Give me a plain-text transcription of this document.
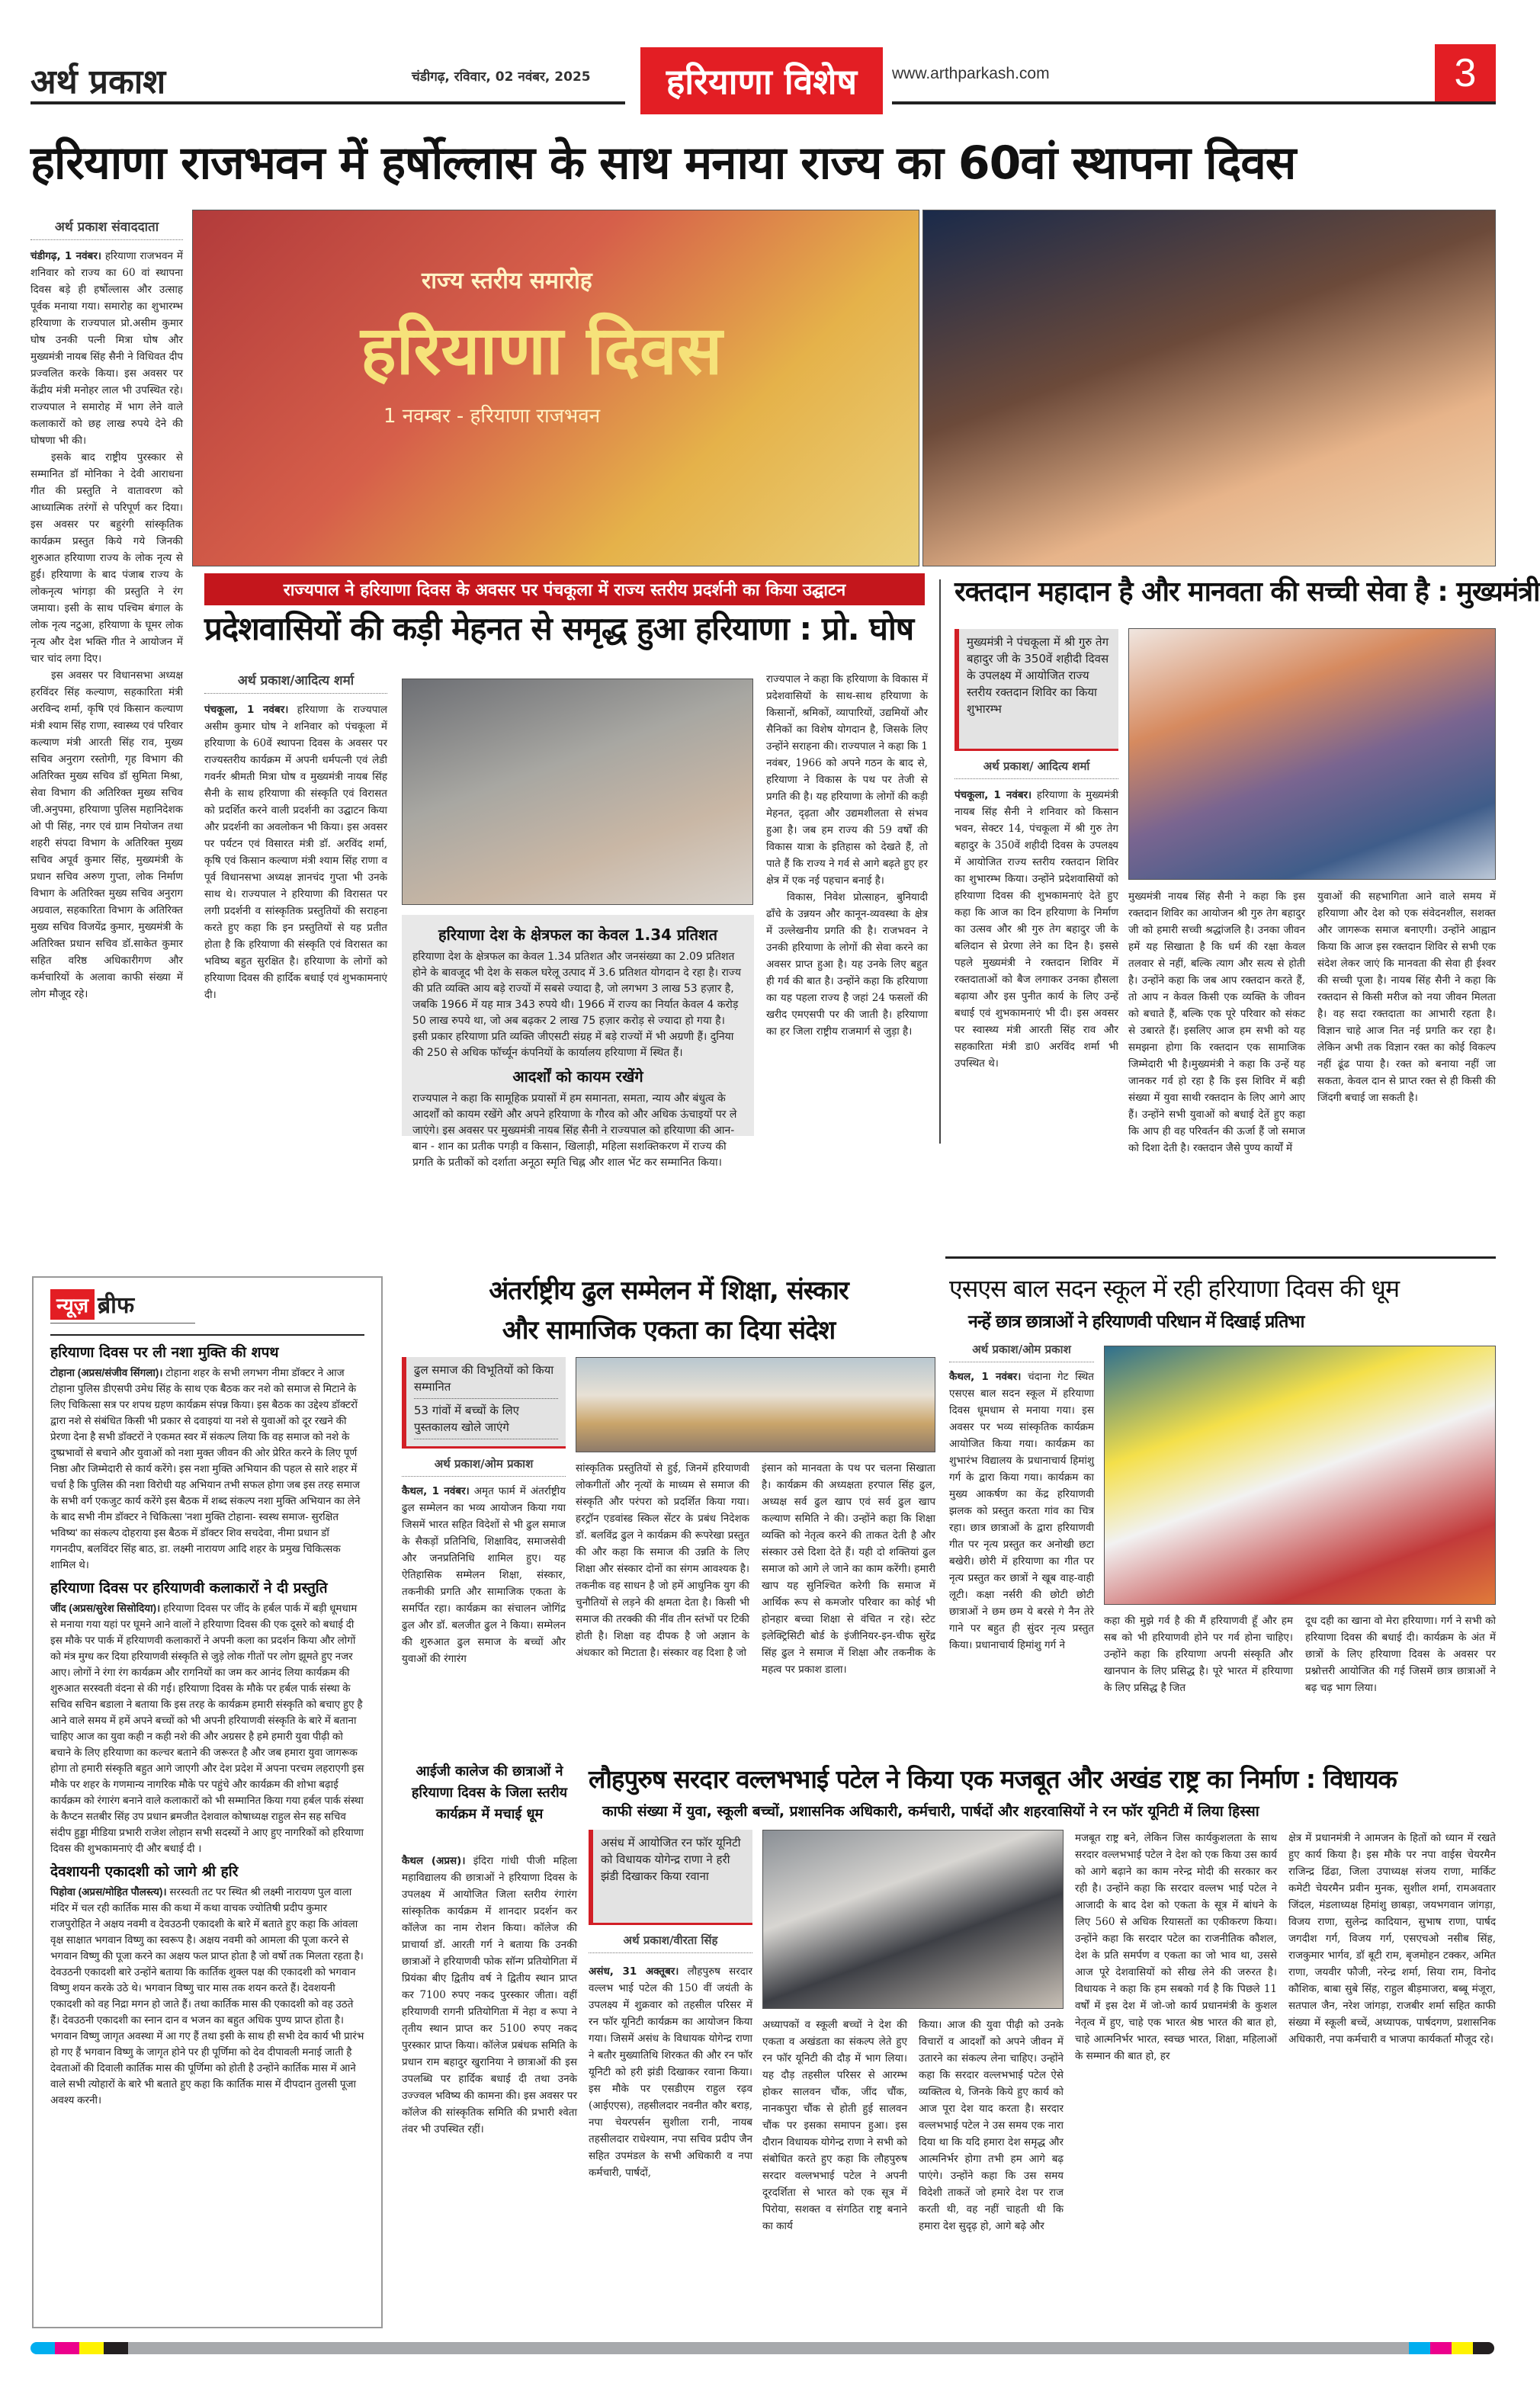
अर्थ प्रकाश	चंडीगढ़, रविवार, 02 नवंबर, 2025	हरियाणा विशेष	www.arthparkash.com	3
हरियाणा राजभवन में हर्षोल्लास के साथ मनाया राज्य का 60वां स्थापना दिवस
अर्थ प्रकाश संवाददाता

चंडीगढ़, 1 नवंबर। हरियाणा राजभवन में शनिवार को राज्य का 60 वां स्थापना दिवस बड़े ही हर्षोल्लास और उत्साह पूर्वक मनाया गया। समारोह का शुभारम्भ हरियाणा के राज्यपाल प्रो.असीम कुमार घोष उनकी पत्नी मित्रा घोष और मुख्यमंत्री नायब सिंह सैनी ने विधिवत दीप प्रज्वलित करके किया। इस अवसर पर केंद्रीय मंत्री मनोहर लाल भी उपस्थित रहे। राज्यपाल ने समारोह में भाग लेने वाले कलाकारों को छह लाख रुपये देने की घोषणा भी की।

इसके बाद राष्ट्रीय पुरस्कार से सम्मानित डॉ मोनिका ने देवी आराधना गीत की प्रस्तुति ने वातावरण को आध्यात्मिक तरंगों से परिपूर्ण कर दिया। इस अवसर पर बहुरंगी सांस्कृतिक कार्यक्रम प्रस्तुत किये गये जिनकी शुरुआत हरियाणा राज्य के लोक नृत्य से हुई। हरियाणा के बाद पंजाब राज्य के लोकनृत्य भांगड़ा की प्रस्तुति ने रंग जमाया। इसी के साथ पश्चिम बंगाल के लोक नृत्य नटुआ, हरियाणा के घूमर लोक नृत्य और देश भक्ति गीत ने आयोजन में चार चांद लगा दिए।

इस अवसर पर विधानसभा अध्यक्ष हरविंदर सिंह कल्याण, सहकारिता मंत्री अरविन्द शर्मा, कृषि एवं किसान कल्याण मंत्री श्याम सिंह राणा, स्वास्थ्य एवं परिवार कल्याण मंत्री आरती सिंह राव, मुख्य सचिव अनुराग रस्तोगी, गृह विभाग की अतिरिक्त मुख्य सचिव डॉ सुमिता मिश्रा, सेवा विभाग की अतिरिक्त मुख्य सचिव जी.अनुपमा, हरियाणा पुलिस महानिदेशक ओ पी सिंह, नगर एवं ग्राम नियोजन तथा शहरी संपदा विभाग के अतिरिक्त मुख्य सचिव अपूर्व कुमार सिंह, मुख्यमंत्री के प्रधान सचिव अरुण गुप्ता, लोक निर्माण विभाग के अतिरिक्त मुख्य सचिव अनुराग अग्रवाल, सहकारिता विभाग के अतिरिक्त मुख्य सचिव विजयेंद्र कुमार, मुख्यमंत्री के अतिरिक्त प्रधान सचिव डॉ.साकेत कुमार सहित वरिष्ठ अधिकारीगण और कर्मचारियों के अलावा काफी संख्या में लोग मौजूद रहे।

राज्य स्तरीय समारोह
हरियाणा दिवस
1 नवम्बर - हरियाणा राजभवन
राज्यपाल ने हरियाणा दिवस के अवसर पर पंचकूला में राज्य स्तरीय प्रदर्शनी का किया उद्घाटन
प्रदेशवासियों की कड़ी मेहनत से समृद्ध हुआ हरियाणा : प्रो. घोष
अर्थ प्रकाश/आदित्य शर्मा

पंचकूला, 1 नवंबर। हरियाणा के राज्यपाल असीम कुमार घोष ने शनिवार को पंचकूला में हरियाणा के 60वें स्थापना दिवस के अवसर पर राज्यस्तरीय कार्यक्रम में अपनी धर्मपत्नी एवं लेडी गवर्नर श्रीमती मित्रा घोष व मुख्यमंत्री नायब सिंह सैनी के साथ हरियाणा की संस्कृति एवं विरासत को प्रदर्शित करने वाली प्रदर्शनी का उद्घाटन किया और प्रदर्शनी का अवलोकन भी किया। इस अवसर पर पर्यटन एवं विसारत मंत्री डॉ. अरविंद शर्मा, कृषि एवं किसान कल्याण मंत्री श्याम सिंह राणा व पूर्व विधानसभा अध्यक्ष ज्ञानचंद गुप्ता भी उनके साथ थे। राज्यपाल ने हरियाणा की विरासत पर लगी प्रदर्शनी व सांस्कृतिक प्रस्तुतियों की सराहना करते हुए कहा कि इन प्रस्तुतियों से यह प्रतीत होता है कि हरियाणा की संस्कृति एवं विरासत का भविष्य बहुत सुरक्षित है। हरियाणा के लोगों को हरियाणा दिवस की हार्दिक बधाई एवं शुभकामनाएं दी।

हरियाणा देश के क्षेत्रफल का केवल 1.34 प्रतिशत

हरियाणा देश के क्षेत्रफल का केवल 1.34 प्रतिशत और जनसंख्या का 2.09 प्रतिशत होने के बावजूद भी देश के सकल घरेलू उत्पाद में 3.6 प्रतिशत योगदान दे रहा है। राज्य की प्रति व्यक्ति आय बड़े राज्यों में सबसे ज्यादा है, जो लगभग 3 लाख 53 हज़ार है, जबकि 1966 में यह मात्र 343 रुपये थी। 1966 में राज्य का निर्यात केवल 4 करोड़ 50 लाख रुपये था, जो अब बढ़कर 2 लाख 75 हज़ार करोड़ से ज्यादा हो गया है। इसी प्रकार हरियाणा प्रति व्यक्ति जीएसटी संग्रह में बड़े राज्यों में भी अग्रणी हैं। दुनिया की 250 से अधिक फॉर्च्यून कंपनियों के कार्यालय हरियाणा में स्थित हैं।

आदर्शों को कायम रखेंगे

राज्यपाल ने कहा कि सामूहिक प्रयासों में हम समानता, समता, न्याय और बंधुत्व के आदर्शों को कायम रखेंगे और अपने हरियाणा के गौरव को और अधिक ऊंचाइयों पर ले जाएंगे। इस अवसर पर मुख्यमंत्री नायब सिंह सैनी ने राज्यपाल को हरियाणा की आन- बान - शान का प्रतीक पगड़ी व किसान, खिलाड़ी, महिला सशक्तिकरण में राज्य की प्रगति के प्रतीकों को दर्शाता अनूठा स्मृति चिह्न और शाल भेंट कर सम्मानित किया।

राज्यपाल ने कहा कि हरियाणा के विकास में प्रदेशवासियों के साथ-साथ हरियाणा के किसानों, श्रमिकों, व्यापारियों, उद्यमियों और सैनिकों का विशेष योगदान है, जिसके लिए उन्होंने सराहना की। राज्यपाल ने कहा कि 1 नवंबर, 1966 को अपने गठन के बाद से, हरियाणा ने विकास के पथ पर तेजी से प्रगति की है। यह हरियाणा के लोगों की कड़ी मेहनत, दृढ़ता और उद्यमशीलता से संभव हुआ है। जब हम राज्य की 59 वर्षों की विकास यात्रा के इतिहास को देखते हैं, तो पाते हैं कि राज्य ने गर्व से आगे बढ़ते हुए हर क्षेत्र में एक नई पहचान बनाई है।

विकास, निवेश प्रोत्साहन, बुनियादी ढाँचे के उन्नयन और कानून-व्यवस्था के क्षेत्र में उल्लेखनीय प्रगति की है। राजभवन ने उनकी हरियाणा के लोगों की सेवा करने का अवसर प्राप्त हुआ है। यह उनके लिए बहुत ही गर्व की बात है। उन्होंने कहा कि हरियाणा का यह पहला राज्य है जहां 24 फसलों की खरीद एमएसपी पर की जाती है। हरियाणा का हर जिला राष्ट्रीय राजमार्ग से जुड़ा है।

रक्तदान महादान है और मानवता की सच्ची सेवा है : मुख्यमंत्री
मुख्यमंत्री ने पंचकूला में श्री गुरु तेग बहादुर जी के 350वें शहीदी दिवस के उपलक्ष्य में आयोजित राज्य स्तरीय रक्तदान शिविर का किया शुभारम्भ
अर्थ प्रकाश/ आदित्य शर्मा

पंचकूला, 1 नवंबर। हरियाणा के मुख्यमंत्री नायब सिंह सैनी ने शनिवार को किसान भवन, सेक्टर 14, पंचकूला में श्री गुरु तेग बहादुर के 350वें शहीदी दिवस के उपलक्ष्य में आयोजित राज्य स्तरीय रक्तदान शिविर का शुभारम्भ किया। उन्होंने प्रदेशवासियों को हरियाणा दिवस की शुभकामनाएं देते हुए कहा कि आज का दिन हरियाणा के निर्माण का उत्सव और श्री गुरु तेग बहादुर जी के बलिदान से प्रेरणा लेने का दिन है। इससे पहले मुख्यमंत्री ने रक्तदान शिविर में रक्तदाताओं को बैज लगाकर उनका हौसला बढ़ाया और इस पुनीत कार्य के लिए उन्हें बधाई एवं शुभकामनाएं भी दी। इस अवसर पर स्वास्थ्य मंत्री आरती सिंह राव और सहकारिता मंत्री डा0 अरविंद शर्मा भी उपस्थित थे।

मुख्यमंत्री नायब सिंह सैनी ने कहा कि इस रक्तदान शिविर का आयोजन श्री गुरु तेग बहादुर जी को हमारी सच्ची श्रद्धांजलि है। उनका जीवन हमें यह सिखाता है कि धर्म की रक्षा केवल तलवार से नहीं, बल्कि त्याग और सत्य से होती है। उन्होंने कहा कि जब आप रक्तदान करते हैं, तो आप न केवल किसी एक व्यक्ति के जीवन को बचाते हैं, बल्कि एक पूरे परिवार को संकट से उबारते हैं। इसलिए आज हम सभी को यह समझना होगा कि रक्तदान एक सामाजिक जिम्मेदारी भी है।मुख्यमंत्री ने कहा कि उन्हें यह जानकर गर्व हो रहा है कि इस शिविर में बड़ी संख्या में युवा साथी रक्तदान के लिए आगे आए हैं। उन्होंने सभी युवाओं को बधाई देतें हुए कहा कि आप ही वह परिवर्तन की ऊर्जा हैं जो समाज को दिशा देती है। रक्तदान जैसे पुण्य कार्यों में

युवाओं की सहभागिता आने वाले समय में हरियाणा और देश को एक संवेदनशील, सशक्त और जागरूक समाज बनाएगी। उन्होंने आह्वान किया कि आज इस रक्तदान शिविर से सभी एक संदेश लेकर जाएं कि मानवता की सेवा ही ईश्वर की सच्ची पूजा है। नायब सिंह सैनी ने कहा कि रक्तदान से किसी मरीज को नया जीवन मिलता है। वह सदा रक्तदाता का आभारी रहता है। विज्ञान चाहे आज नित नई प्रगति कर रहा है। लेकिन अभी तक विज्ञान रक्त का कोई विकल्प नहीं ढूंढ पाया है। रक्त को बनाया नहीं जा सकता, केवल दान से प्राप्त रक्त से ही किसी की जिंदगी बचाई जा सकती है।

न्यूज़ ब्रीफ
हरियाणा दिवस पर ली नशा मुक्ति की शपथ

टोहाना (अप्रस/संजीव सिंगला)। टोहाना शहर के सभी लगभग नीमा डॉक्टर ने आज टोहाना पुलिस डीएसपी उमेध सिंह के साथ एक बैठक कर नशे को समाज से मिटाने के लिए चिकित्सा सत्र पर शपथ ग्रहण कार्यक्रम संपन्न किया। इस बैठक का उद्देश्य डॉक्टरों द्वारा नशे से संबंधित किसी भी प्रकार से दवाइयां या नशे से युवाओं को दूर रखने की प्रेरणा देना है सभी डॉक्टरों ने एकमत स्वर में संकल्प लिया कि वह समाज को नशे के दुष्प्रभावों से बचाने और युवाओं को नशा मुक्त जीवन की ओर प्रेरित करने के लिए पूर्ण निष्ठा और जिम्मेदारी से कार्य करेंगे। इस नशा मुक्ति अभियान की पहल से सारे शहर में चर्चा है कि पुलिस की नशा विरोधी यह अभियान तभी सफल होगा जब इस तरह समाज के सभी वर्ग एकजुट कार्य करेंगे इस बैठक में शब्द संकल्प नशा मुक्ति अभियान का लेने के बाद सभी नीम डॉक्टर ने चिकित्सा 'नशा मुक्ति टोहाना- स्वस्थ समाज- सुरक्षित भविष्य' का संकल्प दोहराया इस बैठक में डॉक्टर शिव सचदेवा, नीमा प्रधान डॉ गगनदीप, बलविंदर सिंह बाठ, डा. लक्ष्मी नारायण आदि शहर के प्रमुख चिकित्सक शामिल थे।

हरियाणा दिवस पर हरियाणवी कलाकारों ने दी प्रस्तुति

जींद (अप्रस/सुरेश सिसोदिया)। हरियाणा दिवस पर जींद के हर्बल पार्क में बड़ी धूमधाम से मनाया गया यहां पर घूमने आने वालों ने हरियाणा दिवस की एक दूसरे को बधाई दी इस मौके पर पार्क में हरियाणवी कलाकारों ने अपनी कला का प्रदर्शन किया और लोगों को मंत्र मुग्ध कर दिया हरियाणवी संस्कृति से जुड़े लोक गीतों पर लोग झूमते हुए नजर आए। लोगों ने रंगा रंग कार्यक्रम और रागनियों का जम कर आनंद लिया कार्यक्रम की शुरुआत सरस्वती वंदना से की गई। हरियाणा दिवस के मौके पर हर्बल पार्क संस्था के सचिव सचिन बडाला ने बताया कि इस तरह के कार्यक्रम हमारी संस्कृति को बचाए हुए है आने वाले समय में हमें अपने बच्चों को भी अपनी हरियाणवी संस्कृति के बारे में बताना चाहिए आज का युवा कही न कही नशे की और अग्रसर है हमे हमारी युवा पीढ़ी को बचाने के लिए हरियाणा का कल्चर बताने की जरूरत है और जब हमारा युवा जागरूक होगा तो हमारी संस्कृति बहुत आगे जाएगी और देश प्रदेश में अपना परचम लहराएगी इस मौके पर शहर के गणमान्य नागरिक मौके पर पहुंचे और कार्यक्रम की शोभा बढ़ाई कार्यक्रम को रंगारंग बनाने वाले कलाकारों को भी सम्मानित किया गया हर्बल पार्क संस्था के कैप्टन सतबीर सिंह उप प्रधान ब्रमजीत देशवाल कोषाध्यक्ष राहुल सेन सह सचिव संदीप हुड्डा मीडिया प्रभारी राजेश लोहान सभी सदस्यों ने आए हुए नागरिकों को हरियाणा दिवस की शुभकामनाएं दी और बधाई दी ।

देवशायनी एकादशी को जागे श्री हरि

पिहोवा (अप्रस/मोहित पौलस्त्य)। सरस्वती तट पर स्थित श्री लक्ष्मी नारायण पुल वाला मंदिर में चल रही कार्तिक मास की कथा में कथा वाचक ज्योतिषी प्रदीप कुमार राजपुरोहित ने अक्षय नवमी व देवउठनी एकादशी के बारे में बताते हुए कहा कि आंवला वृक्ष साक्षात भगवान विष्णु का स्वरूप है। अक्षय नवमी को आमला की पूजा करने से भगवान विष्णु की पूजा करने का अक्षय फल प्राप्त होता है जो वर्षो तक मिलता रहता है। देवउठनी एकादशी बारे उन्होंने बताया कि कार्तिक शुक्ल पक्ष की एकादशी को भगवान विष्णु शयन करके उठे थे। भगवान विष्णु चार मास तक शयन करते हैं। देवशयनी एकादशी को वह निद्रा मगन हो जाते हैं। तथा कार्तिक मास की एकादशी को वह उठते हैं। देवउठनी एकादशी का स्नान दान व भजन का बहुत अधिक पुण्य प्राप्त होता है। भगवान विष्णु जागृत अवस्था में आ गए हैं तथा इसी के साथ ही सभी देव कार्य भी प्रारंभ हो गए हैं भगवान विष्णु के जागृत होने पर ही पूर्णिमा को देव दीपावली मनाई जाती है देवताओं की दिवाली कार्तिक मास की पूर्णिमा को होती है उन्होंने कार्तिक मास में आने वाले सभी त्योहारों के बारे भी बताते हुए कहा कि कार्तिक मास में दीपदान तुलसी पूजा अवश्य करनी।

अंतर्राष्ट्रीय ढुल सम्मेलन में शिक्षा, संस्कार
और सामाजिक एकता का दिया संदेश
ढुल समाज की विभूतियों को किया सम्मानित
53 गांवों में बच्चों के लिए पुस्तकालय खोले जाएंगे
अर्थ प्रकाश/ओम प्रकाश

कैथल, 1 नवंबर। अमृत फार्म में अंतर्राष्ट्रीय ढुल सम्मेलन का भव्य आयोजन किया गया जिसमें भारत सहित विदेशों से भी ढुल समाज के सैकड़ों प्रतिनिधि, शिक्षाविद, समाजसेवी और जनप्रतिनिधि शामिल हुए। यह ऐतिहासिक सम्मेलन शिक्षा, संस्कार, तकनीकी प्रगति और सामाजिक एकता के समर्पित रहा। कार्यक्रम का संचालन जोगिंद्र ढुल और डॉ. बलजीत ढुल ने किया। सम्मेलन की शुरुआत ढुल समाज के बच्चों और युवाओं की रंगारंग

सांस्कृतिक प्रस्तुतियों से हुई, जिनमें हरियाणवी लोकगीतों और नृत्यों के माध्यम से समाज की संस्कृति और परंपरा को प्रदर्शित किया गया। हरट्रॉन एडवांस्ड स्किल सेंटर के प्रबंध निदेशक डॉ. बलविंद्र ढुल ने कार्यक्रम की रूपरेखा प्रस्तुत की और कहा कि समाज की उन्नति के लिए शिक्षा और संस्कार दोनों का संगम आवश्यक है। तकनीक वह साधन है जो हमें आधुनिक युग की चुनौतियों से लड़ने की क्षमता देता है। किसी भी समाज की तरक्की की नींव तीन स्तंभों पर टिकी होती है। शिक्षा वह दीपक है जो अज्ञान के अंधकार को मिटाता है। संस्कार वह दिशा है जो

इंसान को मानवता के पथ पर चलना सिखाता है। कार्यक्रम की अध्यक्षता हरपाल सिंह ढुल, अध्यक्ष सर्व ढुल खाप एवं सर्व ढुल खाप कल्याण समिति ने की। उन्होंने कहा कि शिक्षा व्यक्ति को नेतृत्व करने की ताकत देती है और संस्कार उसे दिशा देते हैं। यही दो शक्तियां ढुल समाज को आगे ले जाने का काम करेंगी। हमारी खाप यह सुनिश्चित करेगी कि समाज में आर्थिक रूप से कमजोर परिवार का कोई भी होनहार बच्चा शिक्षा से वंचित न रहे। स्टेट इलेक्ट्रिसिटी बोर्ड के इंजीनियर-इन-चीफ सुरेंद्र सिंह ढुल ने समाज में शिक्षा और तकनीक के महत्व पर प्रकाश डाला।

एसएस बाल सदन स्कूल में रही हरियाणा दिवस की धूम
नन्हें छात्र छात्राओं ने हरियाणवी परिधान में दिखाई प्रतिभा
अर्थ प्रकाश/ओम प्रकाश

कैथल, 1 नवंबर। चंदाना गेट स्थित एसएस बाल सदन स्कूल में हरियाणा दिवस धूमधाम से मनाया गया। इस अवसर पर भव्य सांस्कृतिक कार्यक्रम आयोजित किया गया। कार्यक्रम का शुभारंभ विद्यालय के प्रधानाचार्य हिमांशु गर्ग के द्वारा किया गया। कार्यक्रम का मुख्य आकर्षण का केंद्र हरियाणवी झलक को प्रस्तुत करता गांव का चित्र रहा। छात्र छात्राओं के द्वारा हरियाणवी गीत पर नृत्य प्रस्तुत कर अनोखी छटा बखेरी। छोरी में हरियाणा का गीत पर नृत्य प्रस्तुत कर छात्रों ने खूब वाह-वाही लूटी। कक्षा नर्सरी की छोटी छोटी छात्राओं ने छम छम ये बरसे गे नैन तेरे गाने पर बहुत ही सुंदर नृत्य प्रस्तुत किया। प्रधानाचार्य हिमांशु गर्ग ने

कहा की मुझे गर्व है की मैं हरियाणवी हूँ और हम सब को भी हरियाणवी होने पर गर्व होना चाहिए। उन्होंने कहा कि हरियाणा अपनी संस्कृति और खानपान के लिए प्रसिद्ध है। पूरे भारत में हरियाणा के लिए प्रसिद्ध है जित

दूध दही का खाना वो मेरा हरियाणा। गर्ग ने सभी को हरियाणा दिवस की बधाई दी। कार्यक्रम के अंत में छात्रों के लिए हरियाणा दिवस के अवसर पर प्रश्नोत्तरी आयोजित की गई जिसमें छात्र छात्राओं ने बढ़ चढ़ भाग लिया।

आईजी कालेज की छात्राओं ने हरियाणा दिवस के जिला स्तरीय कार्यक्रम में मचाई धूम

कैथल (अप्रस)। इंदिरा गांधी पीजी महिला महाविद्यालय की छात्राओं ने हरियाणा दिवस के उपलक्ष्य में आयोजित जिला स्तरीय रंगारंग सांस्कृतिक कार्यक्रम में शानदार प्रदर्शन कर कॉलेज का नाम रोशन किया। कॉलेज की प्राचार्या डॉ. आरती गर्ग ने बताया कि उनकी छात्राओं ने हरियाणवी फोक सॉन्ग प्रतियोगिता में प्रियंका बीए द्वितीय वर्ष ने द्वितीय स्थान प्राप्त कर 7100 रुपए नकद पुरस्कार जीता। वहीं हरियाणवी रागनी प्रतियोगिता में नेहा व रूपा ने तृतीय स्थान प्राप्त कर 5100 रुपए नकद पुरस्कार प्राप्त किया। कॉलेज प्रबंधक समिति के प्रधान राम बहादुर खुरानिया ने छात्राओं की इस उपलब्धि पर हार्दिक बधाई दी तथा उनके उज्ज्वल भविष्य की कामना की। इस अवसर पर कॉलेज की सांस्कृतिक समिति की प्रभारी श्वेता तंवर भी उपस्थित रहीं।

लौहपुरुष सरदार वल्लभभाई पटेल ने किया एक मजबूत और अखंड राष्ट्र का निर्माण : विधायक
काफी संख्या में युवा, स्कूली बच्चों, प्रशासनिक अधिकारी, कर्मचारी, पार्षदों और शहरवासियों ने रन फॉर यूनिटी में लिया हिस्सा
असंध में आयोजित रन फॉर यूनिटी को विधायक योगेन्द्र राणा ने हरी झंडी दिखाकर किया रवाना
अर्थ प्रकाश/वीरता सिंह

असंध, 31 अक्तूबर। लौहपुरुष सरदार वल्लभ भाई पटेल की 150 वीं जयंती के उपलक्ष्य में शुक्रवार को तहसील परिसर में रन फॉर यूनिटी कार्यक्रम का आयोजन किया गया। जिसमें असंध के विधायक योगेन्द्र राणा ने बतौर मुख्यातिथि शिरकत की और रन फॉर यूनिटी को हरी झंडी दिखाकर रवाना किया। इस मौके पर एसडीएम राहुल रढ़व (आईएएस), तहसीलदार नवनीत कौर बराड़, नपा चेयरपर्सन सुशीला रानी, नायब तहसीलदार राधेश्याम, नपा सचिव प्रदीप जैन सहित उपमंडल के सभी अधिकारी व नपा कर्मचारी, पार्षदों,

अध्यापकों व स्कूली बच्चों ने देश की एकता व अखंडता का संकल्प लेते हुए रन फॉर यूनिटी की दौड़ में भाग लिया। यह दौड़ तहसील परिसर से आरम्भ होकर सालवन चौंक, जींद चौंक, नानकपुरा चौंक से होती हुई सालवन चौंक पर इसका समापन हुआ। इस दौरान विधायक योगेन्द्र राणा ने सभी को संबोधित करते हुए कहा कि लौहपुरुष सरदार वल्लभभाई पटेल ने अपनी दूरदर्शिता से भारत को एक सूत्र में पिरोया, सशक्त व संगठित राष्ट्र बनाने का कार्य

किया। आज की युवा पीढ़ी को उनके विचारों व आदर्शों को अपने जीवन में उतारने का संकल्प लेना चाहिए। उन्होंने कहा कि सरदार वल्लभभाई पटेल ऐसे व्यक्तित्व थे, जिनके किये हुए कार्य को आज पूरा देश याद करता है। सरदार वल्लभभाई पटेल ने उस समय एक नारा दिया था कि यदि हमारा देश समृद्ध और आत्मनिर्भर होगा तभी हम आगे बढ़ पाएंगे। उन्होंने कहा कि उस समय विदेशी ताकतें जो हमारे देश पर राज करती थी, वह नहीं चाहती थी कि हमारा देश सुदृढ़ हो, आगे बढ़े और

मजबूत राष्ट्र बने, लेकिन जिस कार्यकुशलता के साथ सरदार वल्लभभाई पटेल ने देश को एक किया उस कार्य को आगे बढ़ाने का काम नरेन्द्र मोदी की सरकार कर रही है। उन्होंने कहा कि सरदार वल्लभ भाई पटेल ने आजादी के बाद देश को एकता के सूत्र में बांधने के लिए 560 से अधिक रियासतों का एकीकरण किया। उन्होंने कहा कि सरदार पटेल का राजनीतिक कौशल, देश के प्रति समर्पण व एकता का जो भाव था, उससे आज पूरे देशवासियों को सीख लेने की जरुरत है। विधायक ने कहा कि हम सबको गर्व है कि पिछले 11 वर्षों में इस देश में जो-जो कार्य प्रधानमंत्री के कुशल नेतृत्व में हुए, चाहे एक भारत श्रेष्ठ भारत की बात हो, चाहे आत्मनिर्भर भारत, स्वच्छ भारत, शिक्षा, महिलाओं के सम्मान की बात हो, हर

क्षेत्र में प्रधानमंत्री ने आमजन के हितों को ध्यान में रखते हुए कार्य किया है। इस मौके पर नपा वाईस चेयरमैन राजिन्द्र ढिंढा, जिला उपाध्यक्ष संजय राणा, मार्किट कमेटी चेयरमैन प्रवीन मुनक, सुशील शर्मा, रामअवतार जिंदल, मंडलाध्यक्ष हिमांशु छाबड़ा, जयभगवान जांगड़ा, विजय राणा, सुलेन्द्र कादियान, सुभाष राणा, पार्षद जगदीश गर्ग, विजय गर्ग, एसएचओ नसीब सिंह, राजकुमार भार्गव, डॉ बूटी राम, बृजमोहन टक्कर, अमित राणा, जयवीर फौजी, नरेन्द्र शर्मा, सिया राम, विनोद कौशिक, बाबा सुबे सिंह, राहुल बीड़माजरा, बब्बू मंजूरा, सतपाल जैन, नरेश जांगड़ा, राजबीर शर्मा सहित काफी संख्या में स्कूली बच्चें, अध्यापक, पार्षदगण, प्रशासनिक अधिकारी, नपा कर्मचारी व भाजपा कार्यकर्ता मौजूद रहे।
